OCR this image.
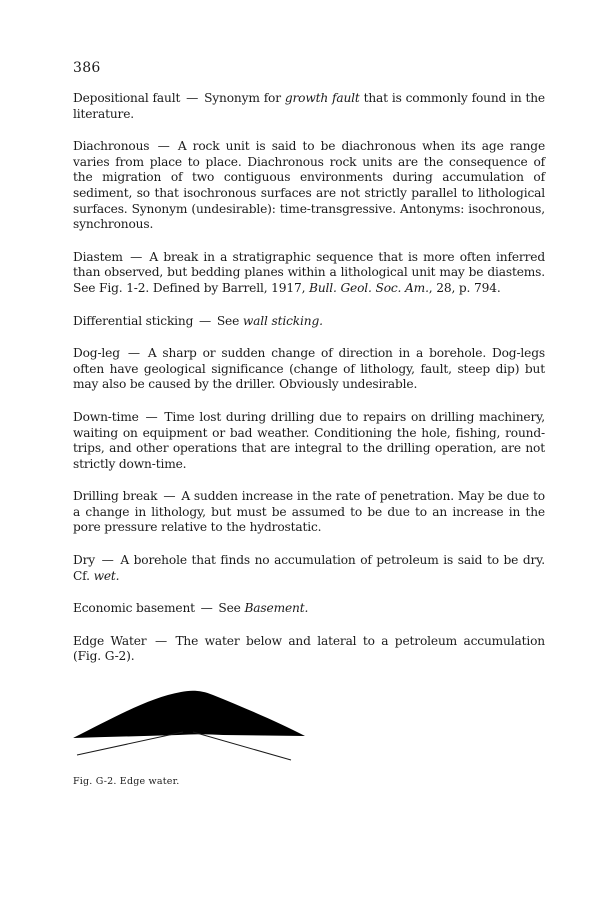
386

Depositional fault — Synonym for growth fault that is commonly found in the literature.

Diachronous — A rock unit is said to be diachronous when its age range varies from place to place. Diachronous rock units are the consequence of the migration of two contiguous environments during accumulation of sediment, so that isochronous surfaces are not strictly parallel to lithological surfaces. Synonym (undesirable): time-transgressive. Antonyms: isochronous, synchronous.

Diastem — A break in a stratigraphic sequence that is more often inferred than observed, but bedding planes within a lithological unit may be diastems. See Fig. 1-2. Defined by Barrell, 1917, Bull. Geol. Soc. Am., 28, p. 794.

Differential sticking — See wall sticking.

Dog-leg — A sharp or sudden change of direction in a borehole. Dog-legs often have geological significance (change of lithology, fault, steep dip) but may also be caused by the driller. Obviously undesirable.

Down-time — Time lost during drilling due to repairs on drilling machinery, waiting on equipment or bad weather. Conditioning the hole, fishing, round-trips, and other operations that are integral to the drilling operation, are not strictly down-time.

Drilling break — A sudden increase in the rate of penetration. May be due to a change in lithology, but must be assumed to be due to an increase in the pore pressure relative to the hydrostatic.

Dry — A borehole that finds no accumulation of petroleum is said to be dry. Cf. wet.

Economic basement — See Basement.

Edge Water — The water below and lateral to a petroleum accumulation (Fig. G-2).

Fig. G-2. Edge water.
